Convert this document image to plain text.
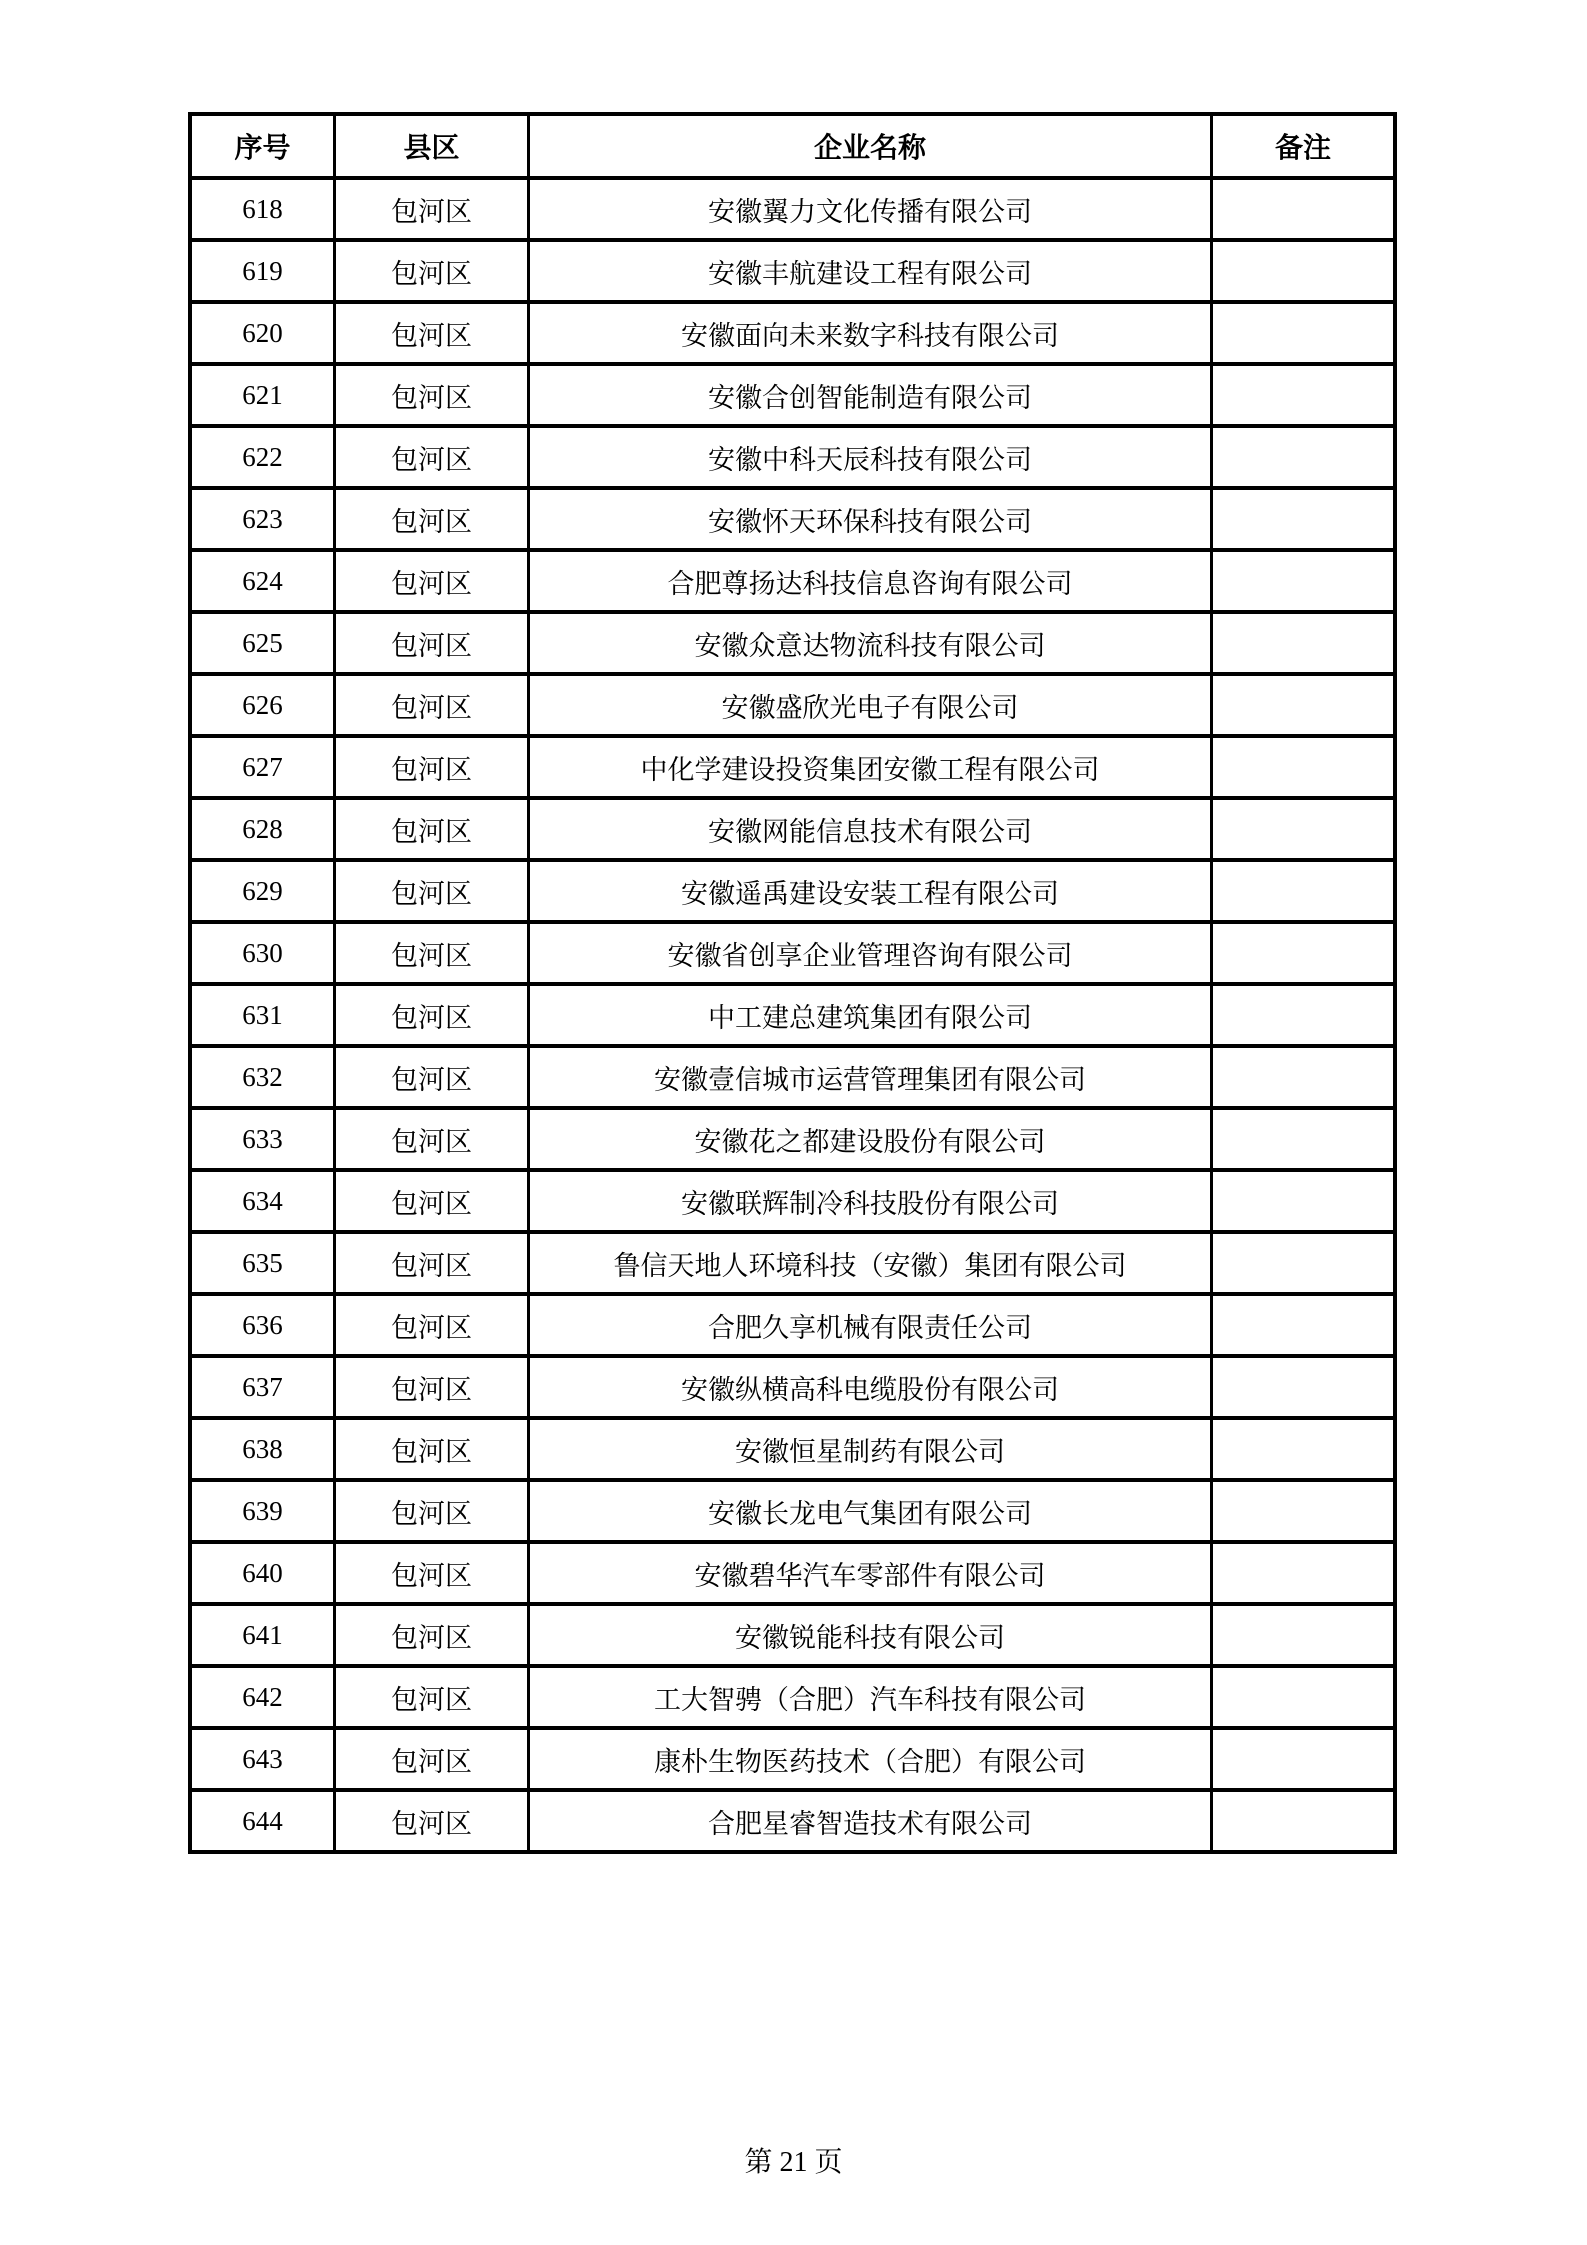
序号	县区	企业名称	备注
618	包河区	安徽翼力文化传播有限公司	
619	包河区	安徽丰航建设工程有限公司	
620	包河区	安徽面向未来数字科技有限公司	
621	包河区	安徽合创智能制造有限公司	
622	包河区	安徽中科天辰科技有限公司	
623	包河区	安徽怀天环保科技有限公司	
624	包河区	合肥尊扬达科技信息咨询有限公司	
625	包河区	安徽众意达物流科技有限公司	
626	包河区	安徽盛欣光电子有限公司	
627	包河区	中化学建设投资集团安徽工程有限公司	
628	包河区	安徽网能信息技术有限公司	
629	包河区	安徽遥禹建设安装工程有限公司	
630	包河区	安徽省创享企业管理咨询有限公司	
631	包河区	中工建总建筑集团有限公司	
632	包河区	安徽壹信城市运营管理集团有限公司	
633	包河区	安徽花之都建设股份有限公司	
634	包河区	安徽联辉制冷科技股份有限公司	
635	包河区	鲁信天地人环境科技（安徽）集团有限公司	
636	包河区	合肥久享机械有限责任公司	
637	包河区	安徽纵横高科电缆股份有限公司	
638	包河区	安徽恒星制药有限公司	
639	包河区	安徽长龙电气集团有限公司	
640	包河区	安徽碧华汽车零部件有限公司	
641	包河区	安徽锐能科技有限公司	
642	包河区	工大智骋（合肥）汽车科技有限公司	
643	包河区	康朴生物医药技术（合肥）有限公司	
644	包河区	合肥星睿智造技术有限公司	
第 21 页
